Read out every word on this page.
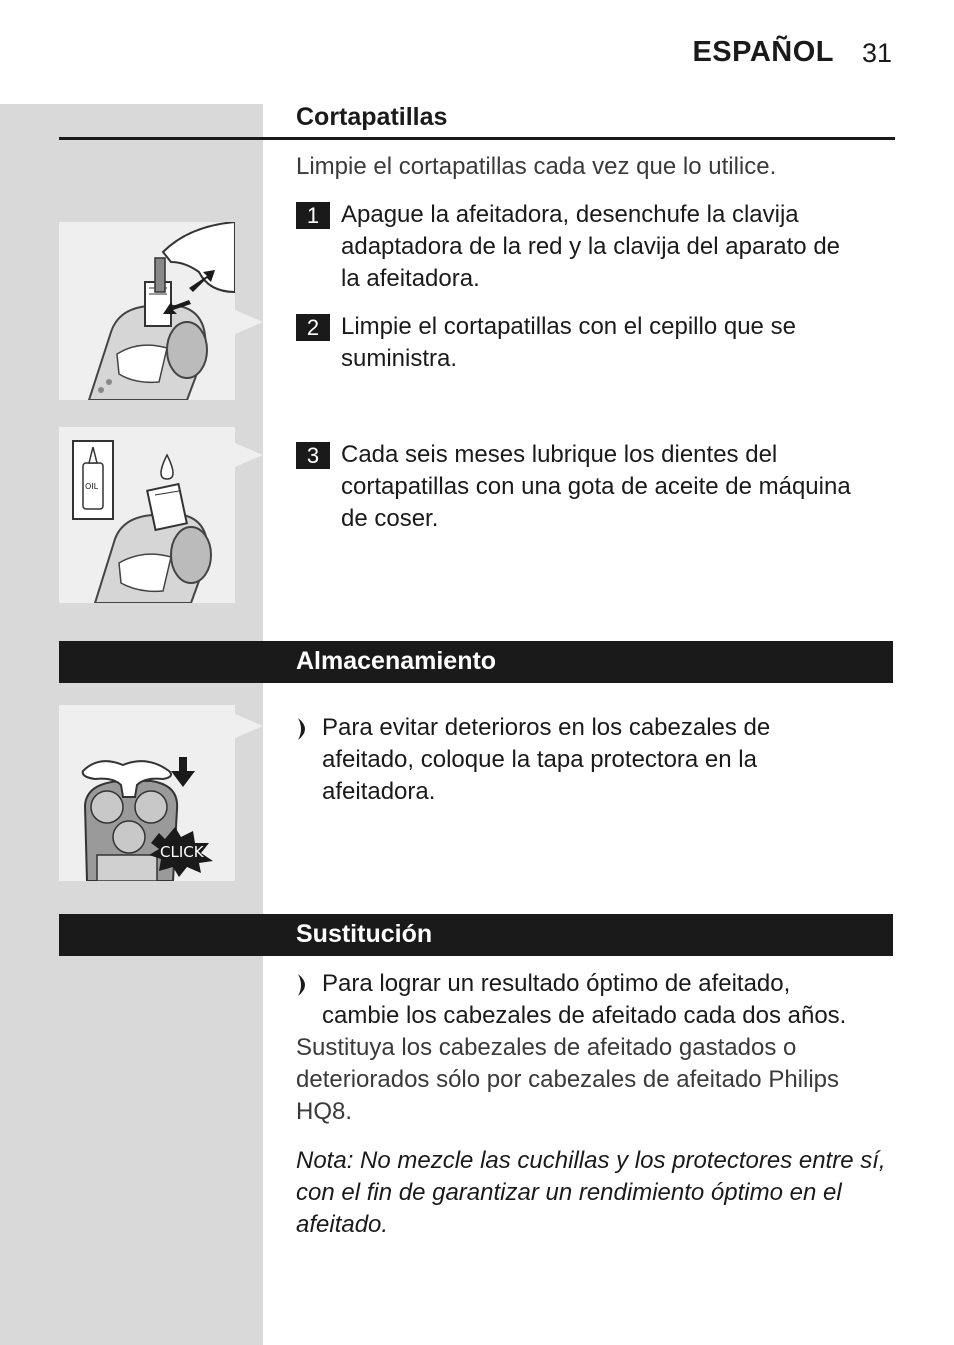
ESPAÑOL 31
Cortapatillas
Limpie el cortapatillas cada vez que lo utilice.
1 Apague la afeitadora, desenchufe la clavija
adaptadora de la red y la clavija del aparato de
la afeitadora.
2 Limpie el cortapatillas con el cepillo que se
suministra.
3 Cada seis meses lubrique los dientes del
cortapatillas con una gota de aceite de máquina
de coser.
OIL
Almacenamiento
Para evitar deterioros en los cabezales de
afeitado, coloque la tapa protectora en la
afeitadora.
CLICK
Sustitución
Para lograr un resultado óptimo de afeitado,
cambie los cabezales de afeitado cada dos años.
Sustituya los cabezales de afeitado gastados o
deteriorados sólo por cabezales de afeitado Philips
HQ8.
Nota: No mezcle las cuchillas y los protectores entre sí,
con el fin de garantizar un rendimiento óptimo en el
afeitado.
